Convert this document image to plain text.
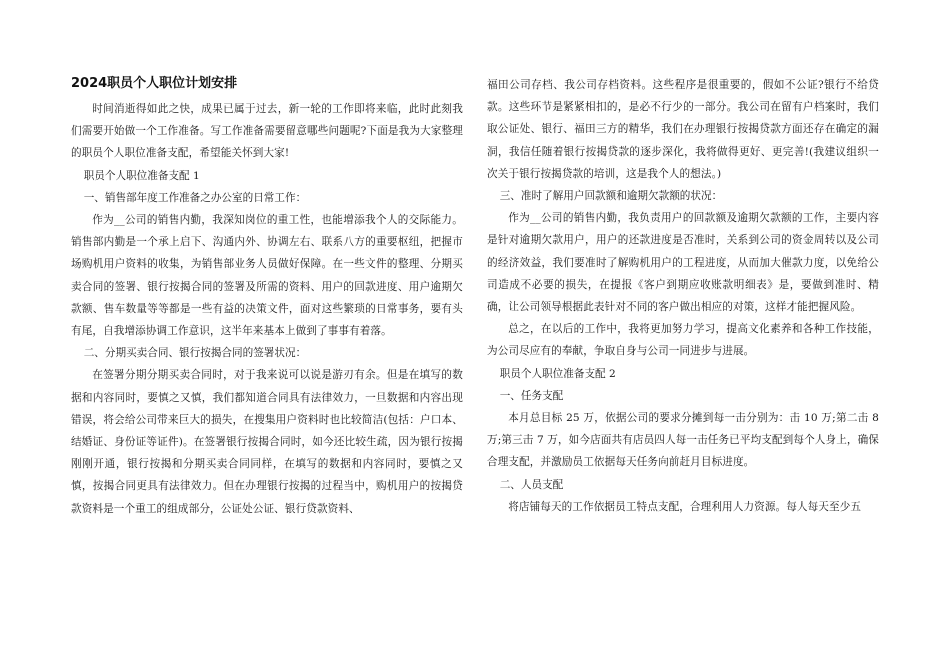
2024职员个人职位计划安排

时间消逝得如此之快，成果已属于过去，新一轮的工作即将来临，此时此刻我们需要开始做一个工作准备。写工作准备需要留意哪些问题呢?下面是我为大家整理的职员个人职位准备支配，希望能关怀到大家!

职员个人职位准备支配 1

一、销售部年度工作准备之办公室的日常工作：

作为__公司的销售内勤，我深知岗位的重工性，也能增添我个人的交际能力。销售部内勤是一个承上启下、沟通内外、协调左右、联系八方的重要枢纽，把握市场购机用户资料的收集，为销售部业务人员做好保障。在一些文件的整理、分期买卖合同的签署、银行按揭合同的签署及所需的资料、用户的回款进度、用户逾期欠款额、售车数量等等都是一些有益的决策文件，面对这些繁琐的日常事务，要有头有尾，自我增添协调工作意识，这半年来基本上做到了事事有着落。

二、分期买卖合同、银行按揭合同的签署状况：

在签署分期分期买卖合同时，对于我来说可以说是游刃有余。但是在填写的数据和内容同时，要慎之又慎，我们都知道合同具有法律效力，一旦数据和内容出现错误，将会给公司带来巨大的损失，在搜集用户资料时也比较简洁(包括：户口本、结婚证、身份证等证件)。在签署银行按揭合同时，如今还比较生疏，因为银行按揭刚刚开通，银行按揭和分期买卖合同同样，在填写的数据和内容同时，要慎之又慎，按揭合同更具有法律效力。但在办理银行按揭的过程当中，购机用户的按揭贷款资料是一个重工的组成部分，公证处公证、银行贷款资料、

福田公司存档、我公司存档资料。这些程序是很重要的，假如不公证?银行不给贷款。这些环节是紧紧相扣的，是必不行少的一部分。我公司在留有户档案时，我们取公证处、银行、福田三方的精华，我们在办理银行按揭贷款方面还存在确定的漏洞，我信任随着银行按揭贷款的逐步深化，我将做得更好、更完善!(我建议组织一次关于银行按揭贷款的培训，这是我个人的想法。)

三、准时了解用户回款额和逾期欠款额的状况：

作为__公司的销售内勤，我负责用户的回款额及逾期欠款额的工作，主要内容是针对逾期欠款用户，用户的还款进度是否准时，关系到公司的资金周转以及公司的经济效益，我们要准时了解购机用户的工程进度，从而加大催款力度，以免给公司造成不必要的损失，在提报《客户到期应收账款明细表》是，要做到准时、精确，让公司领导根据此表针对不同的客户做出相应的对策，这样才能把握风险。

总之，在以后的工作中，我将更加努力学习，提高文化素养和各种工作技能，为公司尽应有的奉献，争取自身与公司一同进步与进展。

职员个人职位准备支配 2

一、任务支配

本月总目标 25 万，依据公司的要求分摊到每一击分别为：击 10 万;第二击 8 万;第三击 7 万，如今店面共有店员四人每一击任务已平均支配到每个人身上，确保合理支配，并激励员工依据每天任务向前赶月目标进度。

二、人员支配

将店铺每天的工作依据员工特点支配，合理利用人力资源。每人每天至少五
